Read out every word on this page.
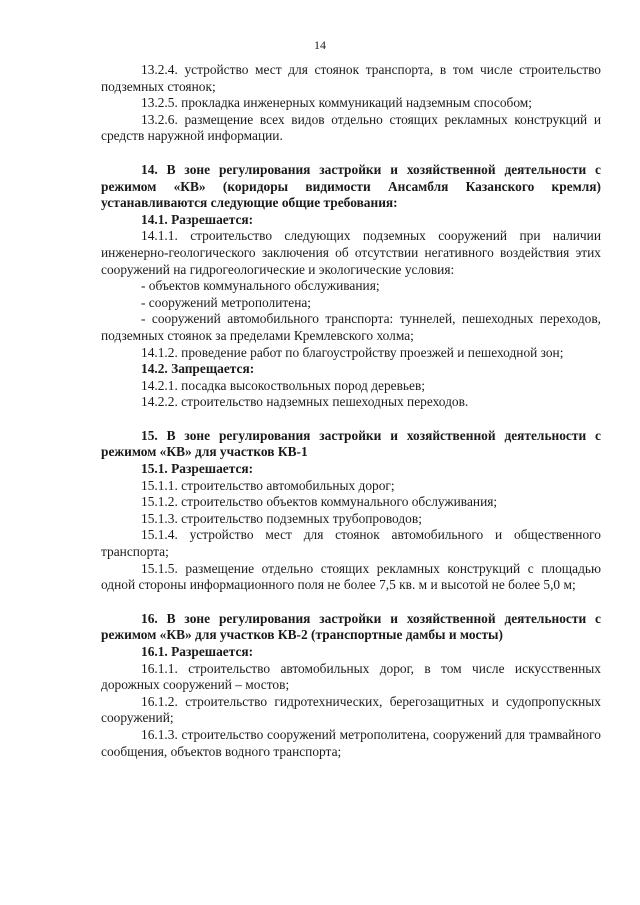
14

13.2.4. устройство мест для стоянок транспорта, в том числе строительство подземных стоянок;

13.2.5. прокладка инженерных коммуникаций надземным способом;

13.2.6. размещение всех видов отдельно стоящих рекламных конструкций и средств наружной информации.

14. В зоне регулирования застройки и хозяйственной деятельности с режимом «КВ» (коридоры видимости Ансамбля Казанского кремля) устанавливаются следующие общие требования:

14.1. Разрешается:

14.1.1. строительство следующих подземных сооружений при наличии инженерно-геологического заключения об отсутствии негативного воздействия этих сооружений на гидрогеологические и экологические условия:

- объектов коммунального обслуживания;

- сооружений метрополитена;

- сооружений автомобильного транспорта: туннелей, пешеходных переходов, подземных стоянок за пределами Кремлевского холма;

14.1.2. проведение работ по благоустройству проезжей и пешеходной зон;

14.2. Запрещается:

14.2.1. посадка высокоствольных пород деревьев;

14.2.2. строительство надземных пешеходных переходов.

15. В зоне регулирования застройки и хозяйственной деятельности с режимом «КВ» для участков КВ-1

15.1. Разрешается:

15.1.1. строительство автомобильных дорог;

15.1.2. строительство объектов коммунального обслуживания;

15.1.3. строительство подземных трубопроводов;

15.1.4. устройство мест для стоянок автомобильного и общественного транспорта;

15.1.5. размещение отдельно стоящих рекламных конструкций с площадью одной стороны информационного поля не более 7,5 кв. м и высотой не более 5,0 м;

16. В зоне регулирования застройки и хозяйственной деятельности с режимом «КВ» для участков КВ-2 (транспортные дамбы и мосты)

16.1. Разрешается:

16.1.1. строительство автомобильных дорог, в том числе искусственных дорожных сооружений – мостов;

16.1.2. строительство гидротехнических, берегозащитных и судопропускных сооружений;

16.1.3. строительство сооружений метрополитена, сооружений для трамвайного сообщения, объектов водного транспорта;
